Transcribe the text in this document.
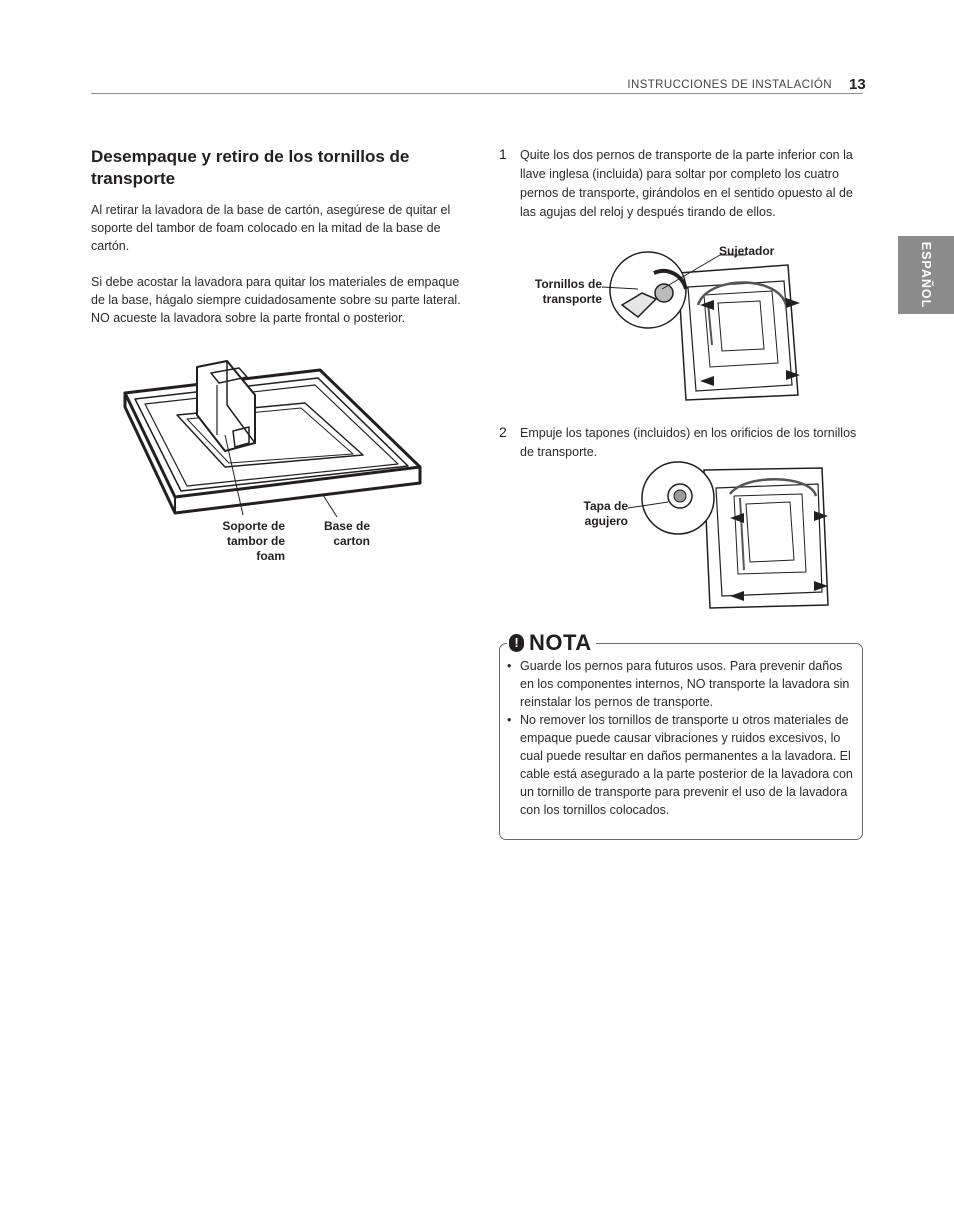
INSTRUCCIONES DE INSTALACIÓN 13
ESPAÑOL
Desempaque y retiro de los tornillos de transporte

Al retirar la lavadora de la base de cartón, asegúrese de quitar el soporte del tambor de foam colocado en la mitad de la base de cartón.

Si debe acostar la lavadora para quitar los materiales de empaque de la base, hágalo siempre cuidadosamente sobre su parte lateral. NO acueste la lavadora sobre la parte frontal o posterior.

Soporte de tambor de foam
Base de carton
1 Quite los dos pernos de transporte de la parte inferior con la llave inglesa (incluida) para soltar por completo los cuatro pernos de transporte, girándolos en el sentido opuesto al de las agujas del reloj y después tirando de ellos.

Sujetador
Tornillos de transporte
2 Empuje los tapones (incluidos) en los orificios de los tornillos de transporte.

Tapa de agujero
! NOTA
• Guarde los pernos para futuros usos. Para prevenir daños en los componentes internos, NO transporte la lavadora sin reinstalar los pernos de transporte.
• No remover los tornillos de transporte u otros materiales de empaque puede causar vibraciones y ruidos excesivos, lo cual puede resultar en daños permanentes a la lavadora. El cable está asegurado a la parte posterior de la lavadora con un tornillo de transporte para prevenir el uso de la lavadora con los tornillos colocados.
